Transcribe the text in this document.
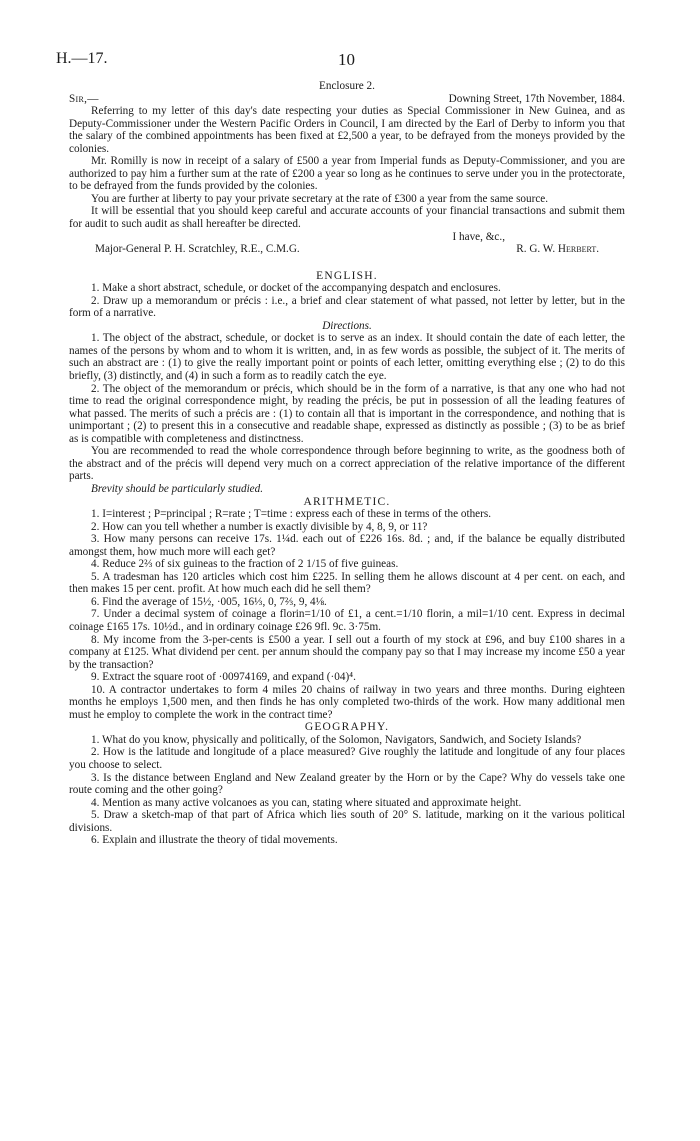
H.—17.	10

Enclosure 2.

Sir,—	Downing Street, 17th November, 1884.

Referring to my letter of this day's date respecting your duties as Special Commissioner in New Guinea, and as Deputy-Commissioner under the Western Pacific Orders in Council, I am directed by the Earl of Derby to inform you that the salary of the combined appointments has been fixed at £2,500 a year, to be defrayed from the moneys provided by the colonies.

Mr. Romilly is now in receipt of a salary of £500 a year from Imperial funds as Deputy-Commissioner, and you are authorized to pay him a further sum at the rate of £200 a year so long as he continues to serve under you in the protectorate, to be defrayed from the funds provided by the colonies.

You are further at liberty to pay your private secretary at the rate of £300 a year from the same source.

It will be essential that you should keep careful and accurate accounts of your financial transactions and submit them for audit to such audit as shall hereafter be directed.

I have, &c.,

Major-General P. H. Scratchley, R.E., C.M.G.	R. G. W. Herbert.

ENGLISH.

1. Make a short abstract, schedule, or docket of the accompanying despatch and enclosures.

2. Draw up a memorandum or précis : i.e., a brief and clear statement of what passed, not letter by letter, but in the form of a narrative.

Directions.

1. The object of the abstract, schedule, or docket is to serve as an index. It should contain the date of each letter, the names of the persons by whom and to whom it is written, and, in as few words as possible, the subject of it. The merits of such an abstract are : (1) to give the really important point or points of each letter, omitting everything else ; (2) to do this briefly, (3) distinctly, and (4) in such a form as to readily catch the eye.

2. The object of the memorandum or précis, which should be in the form of a narrative, is that any one who had not time to read the original correspondence might, by reading the précis, be put in possession of all the leading features of what passed. The merits of such a précis are : (1) to contain all that is important in the correspondence, and nothing that is unimportant ; (2) to present this in a consecutive and readable shape, expressed as distinctly as possible ; (3) to be as brief as is compatible with completeness and distinctness.

You are recommended to read the whole correspondence through before beginning to write, as the goodness both of the abstract and of the précis will depend very much on a correct appreciation of the relative importance of the different parts.

Brevity should be particularly studied.

ARITHMETIC.

1. I=interest ; P=principal ; R=rate ; T=time : express each of these in terms of the others.

2. How can you tell whether a number is exactly divisible by 4, 8, 9, or 11?

3. How many persons can receive 17s. 1¼d. each out of £226 16s. 8d. ; and, if the balance be equally distributed amongst them, how much more will each get?

4. Reduce 2⅔ of six guineas to the fraction of 2 1/15 of five guineas.

5. A tradesman has 120 articles which cost him £225. In selling them he allows discount at 4 per cent. on each, and then makes 15 per cent. profit. At how much each did he sell them?

6. Find the average of 15½, ·005, 16⅓, 0, 7⅔, 9, 4⅛.

7. Under a decimal system of coinage a florin=1/10 of £1, a cent.=1/10 florin, a mil=1/10 cent. Express in decimal coinage £165 17s. 10½d., and in ordinary coinage £26 9fl. 9c. 3·75m.

8. My income from the 3-per-cents is £500 a year. I sell out a fourth of my stock at £96, and buy £100 shares in a company at £125. What dividend per cent. per annum should the company pay so that I may increase my income £50 a year by the transaction?

9. Extract the square root of ·00974169, and expand (·04)⁴.

10. A contractor undertakes to form 4 miles 20 chains of railway in two years and three months. During eighteen months he employs 1,500 men, and then finds he has only completed two-thirds of the work. How many additional men must he employ to complete the work in the contract time?

GEOGRAPHY.

1. What do you know, physically and politically, of the Solomon, Navigators, Sandwich, and Society Islands?

2. How is the latitude and longitude of a place measured? Give roughly the latitude and longitude of any four places you choose to select.

3. Is the distance between England and New Zealand greater by the Horn or by the Cape? Why do vessels take one route coming and the other going?

4. Mention as many active volcanoes as you can, stating where situated and approximate height.

5. Draw a sketch-map of that part of Africa which lies south of 20° S. latitude, marking on it the various political divisions.

6. Explain and illustrate the theory of tidal movements.
